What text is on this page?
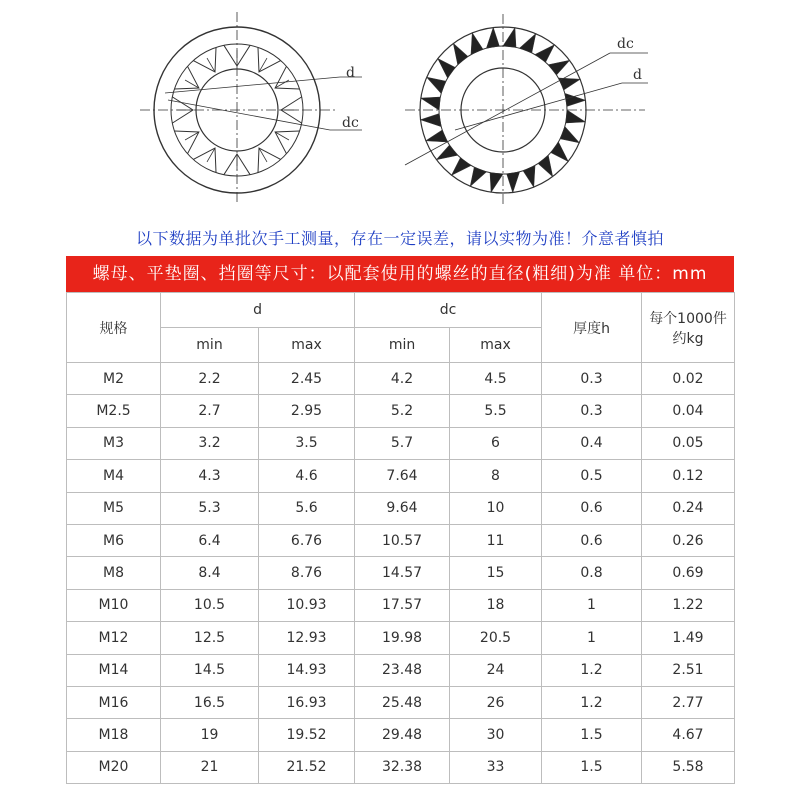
d
dc
dc
d
以下数据为单批次手工测量，存在一定误差，请以实物为准！介意者慎拍
螺母、平垫圈、挡圈等尺寸：以配套使用的螺丝的直径(粗细)为准 单位：mm
规格	d		dc		厚度h	每个1000件
约kg
	min	max	min	max		
M2	2.2	2.45	4.2	4.5	0.3	0.02
M2.5	2.7	2.95	5.2	5.5	0.3	0.04
M3	3.2	3.5	5.7	6	0.4	0.05
M4	4.3	4.6	7.64	8	0.5	0.12
M5	5.3	5.6	9.64	10	0.6	0.24
M6	6.4	6.76	10.57	11	0.6	0.26
M8	8.4	8.76	14.57	15	0.8	0.69
M10	10.5	10.93	17.57	18	1	1.22
M12	12.5	12.93	19.98	20.5	1	1.49
M14	14.5	14.93	23.48	24	1.2	2.51
M16	16.5	16.93	25.48	26	1.2	2.77
M18	19	19.52	29.48	30	1.5	4.67
M20	21	21.52	32.38	33	1.5	5.58
